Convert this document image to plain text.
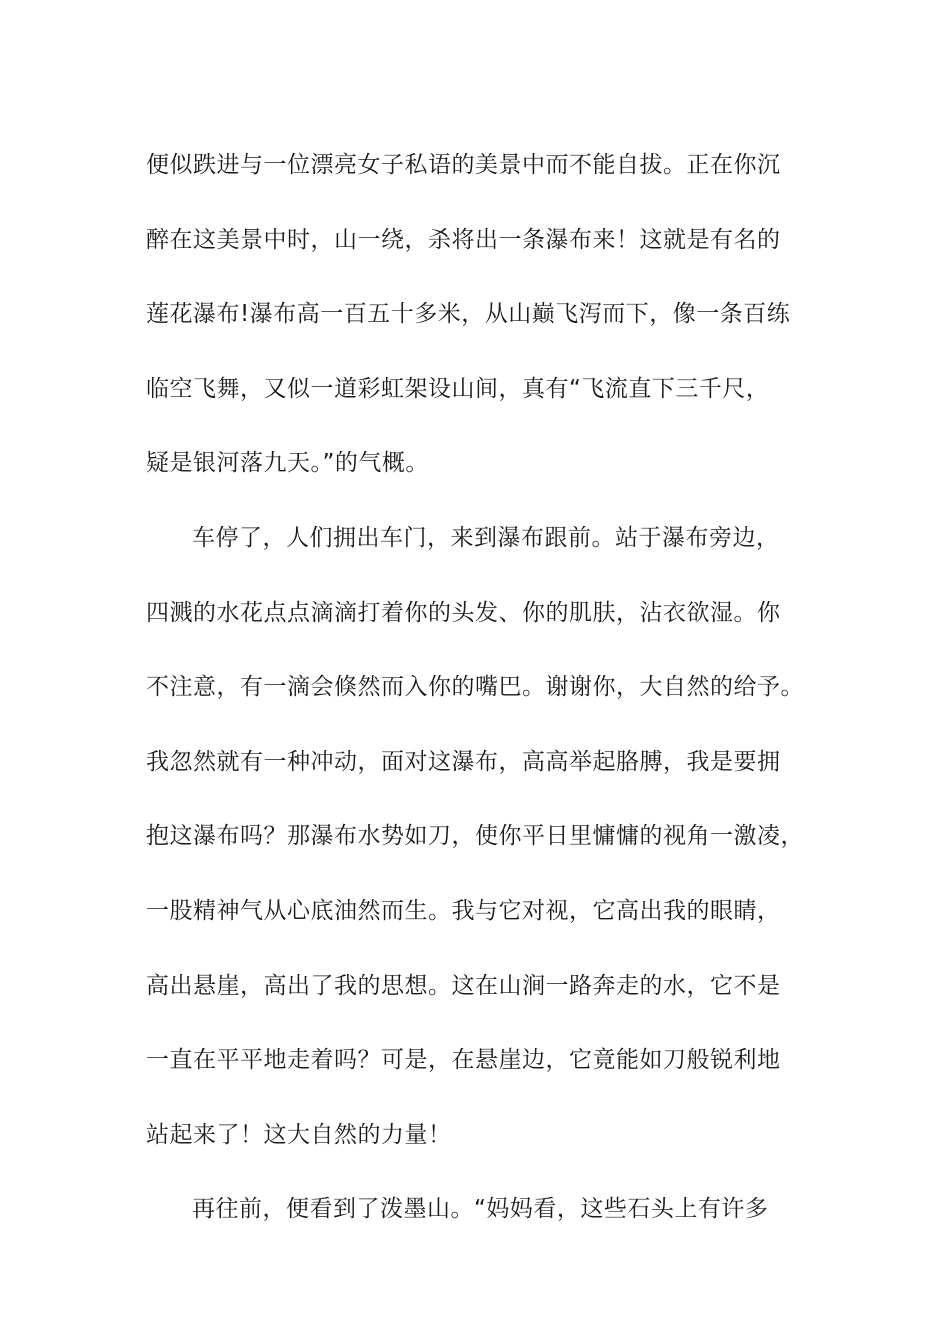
便似跌进与一位漂亮女子私语的美景中而不能自拔。正在你沉
醉在这美景中时，山一绕，杀将出一条瀑布来！这就是有名的
莲花瀑布!瀑布高一百五十多米，从山巅飞泻而下，像一条百练
临空飞舞，又似一道彩虹架设山间，真有“飞流直下三千尺，
疑是银河落九天。”的气概。
车停了，人们拥出车门，来到瀑布跟前。站于瀑布旁边，
四溅的水花点点滴滴打着你的头发、你的肌肤，沾衣欲湿。你
不注意，有一滴会倏然而入你的嘴巴。谢谢你，大自然的给予。
我忽然就有一种冲动，面对这瀑布，高高举起胳膊，我是要拥
抱这瀑布吗？那瀑布水势如刀，使你平日里慵慵的视角一激凌，
一股精神气从心底油然而生。我与它对视，它高出我的眼睛，
高出悬崖，高出了我的思想。这在山涧一路奔走的水，它不是
一直在平平地走着吗？可是，在悬崖边，它竟能如刀般锐利地
站起来了！这大自然的力量！
再往前，便看到了泼墨山。“妈妈看，这些石头上有许多
